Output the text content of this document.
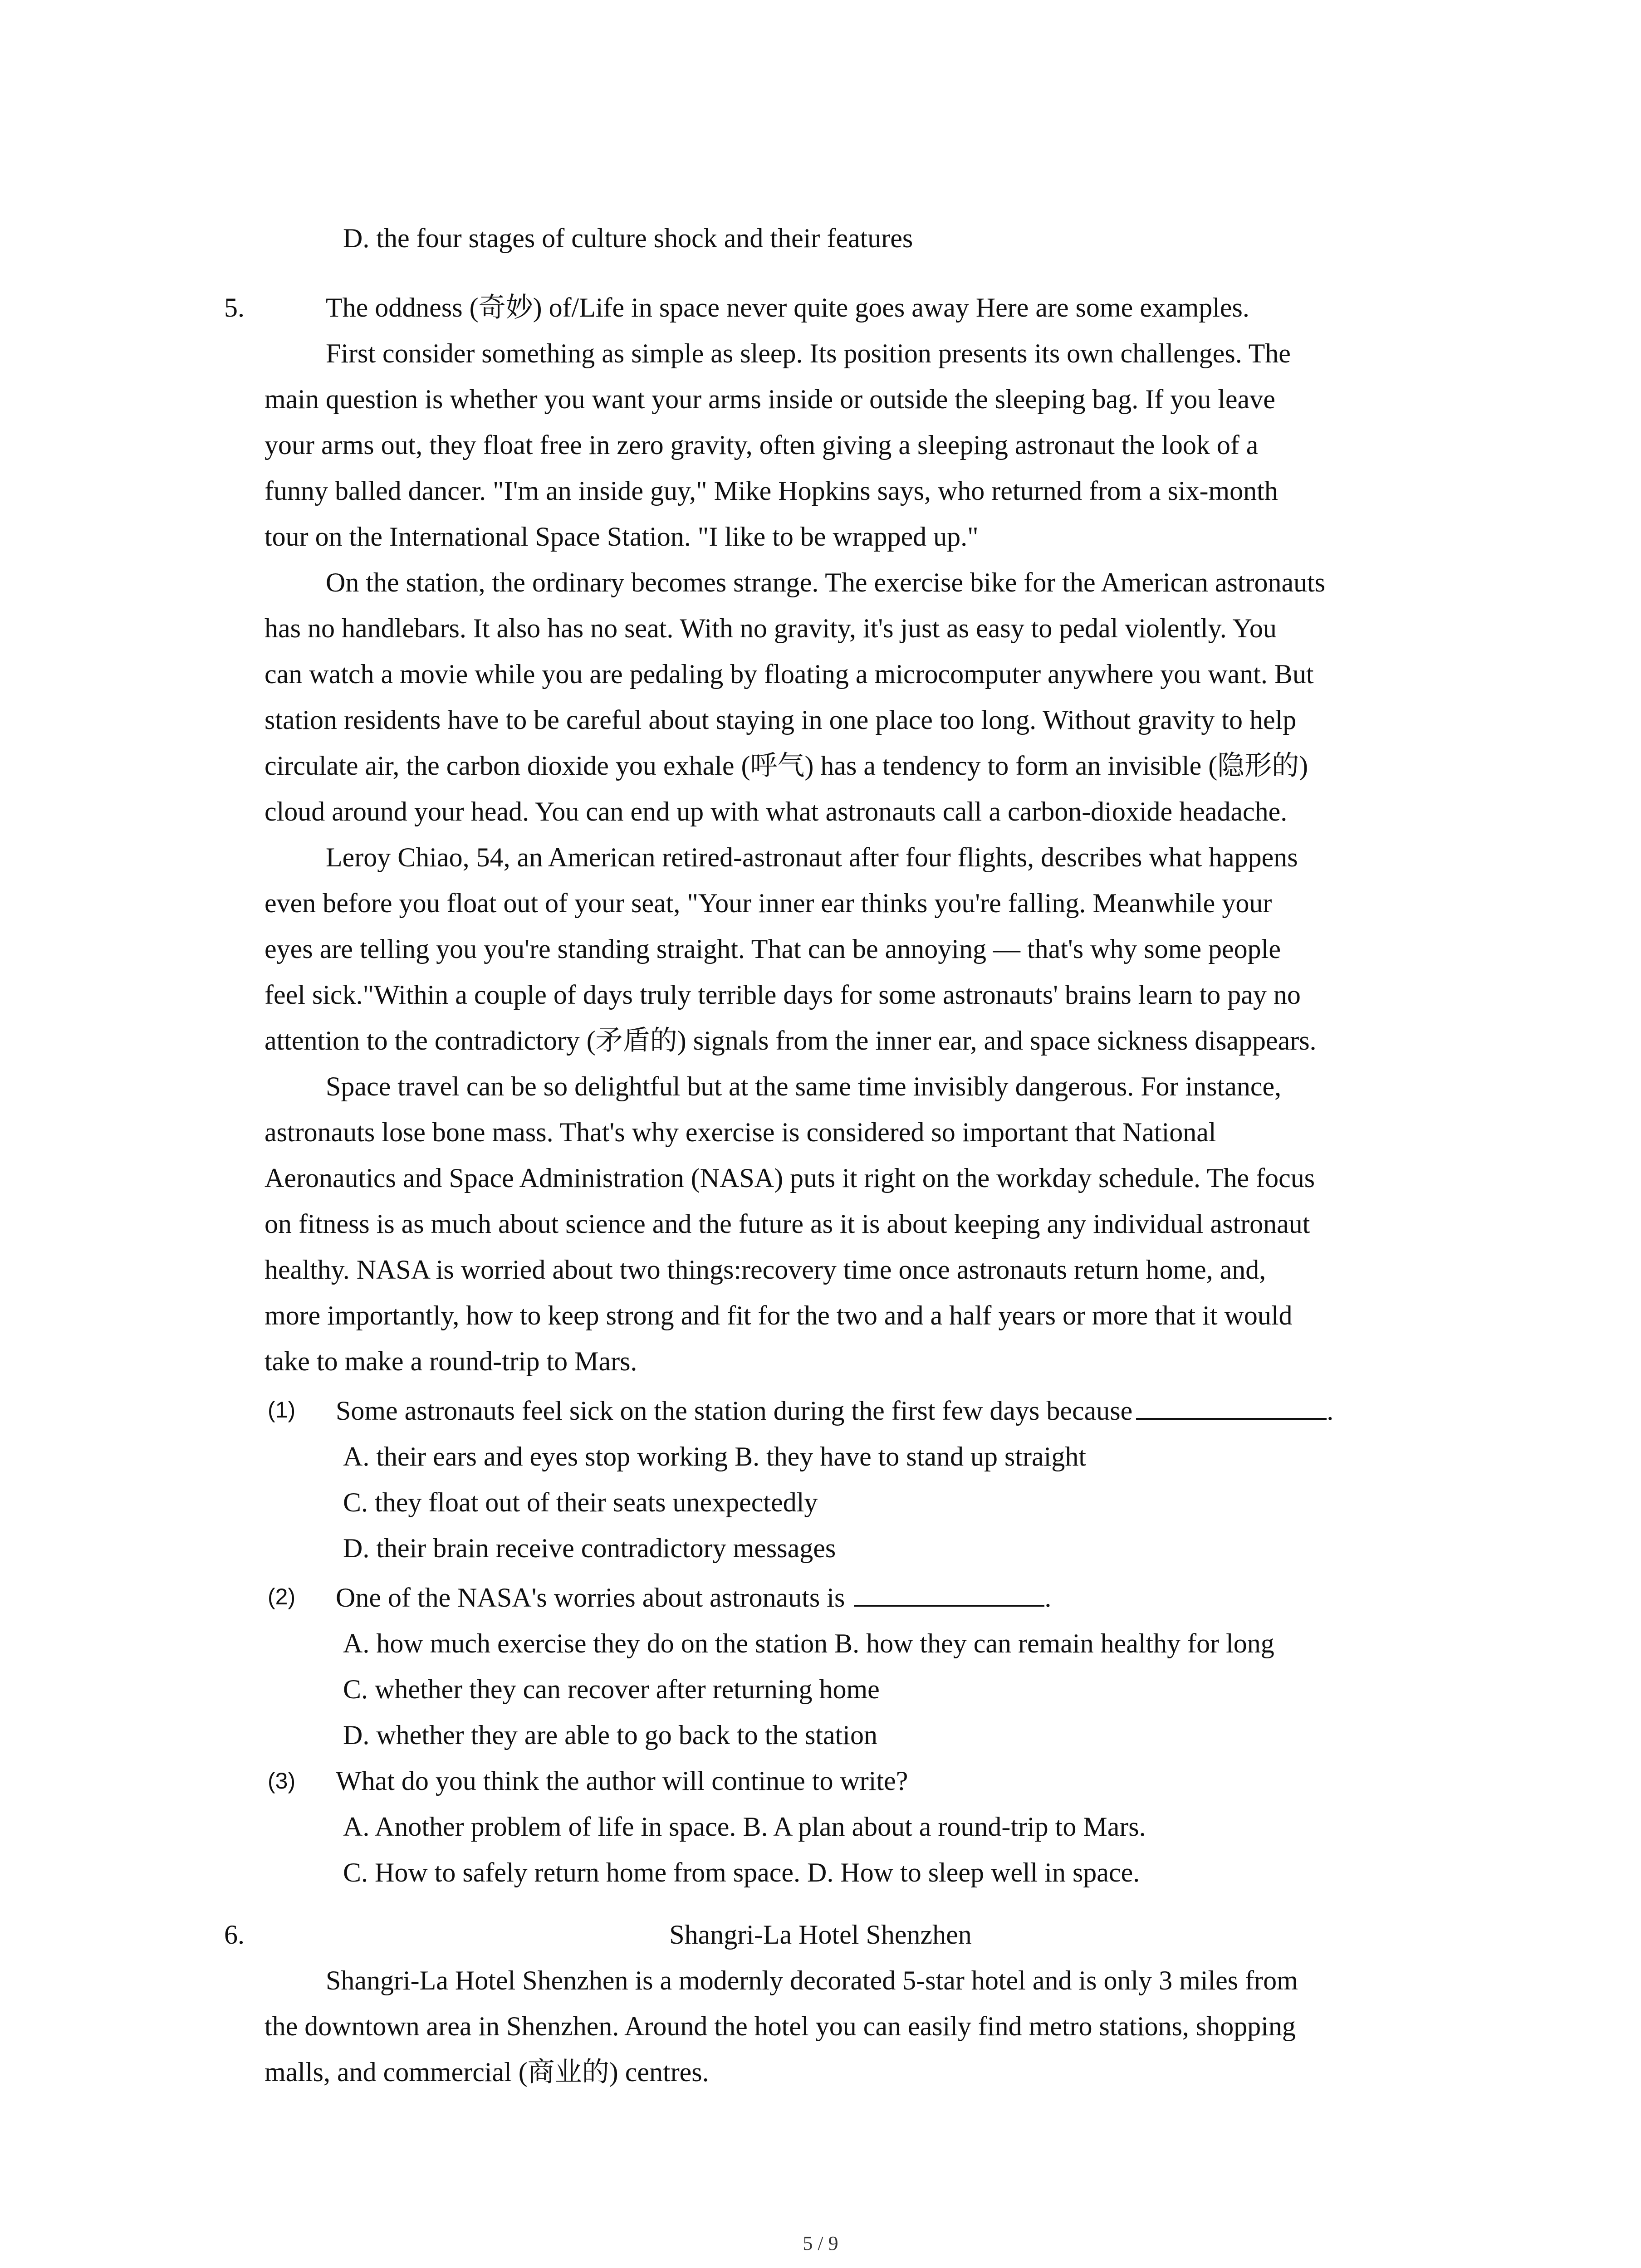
D. the four stages of culture shock and their features
5.	The oddness (奇妙) of/Life in space never quite goes away Here are some examples.
First consider something as simple as sleep. Its position presents its own challenges. The
main question is whether you want your arms inside or outside the sleeping bag. If you leave
your arms out, they float free in zero gravity, often giving a sleeping astronaut the look of a
funny balled dancer. "I'm an inside guy," Mike Hopkins says, who returned from a six-month
tour on the International Space Station. "I like to be wrapped up."
On the station, the ordinary becomes strange. The exercise bike for the American astronauts
has no handlebars. It also has no seat. With no gravity, it's just as easy to pedal violently. You
can watch a movie while you are pedaling by floating a microcomputer anywhere you want. But
station residents have to be careful about staying in one place too long. Without gravity to help
circulate air, the carbon dioxide you exhale (呼气) has a tendency to form an invisible (隐形的)
cloud around your head. You can end up with what astronauts call a carbon-dioxide headache.
Leroy Chiao, 54, an American retired-astronaut after four flights, describes what happens
even before you float out of your seat, "Your inner ear thinks you're falling. Meanwhile your
eyes are telling you you're standing straight. That can be annoying — that's why some people
feel sick."Within a couple of days truly terrible days for some astronauts' brains learn to pay no
attention to the contradictory (矛盾的) signals from the inner ear, and space sickness disappears.
Space travel can be so delightful but at the same time invisibly dangerous. For instance,
astronauts lose bone mass. That's why exercise is considered so important that National
Aeronautics and Space Administration (NASA) puts it right on the workday schedule. The focus
on fitness is as much about science and the future as it is about keeping any individual astronaut
healthy. NASA is worried about two things:recovery time once astronauts return home, and,
more importantly, how to keep strong and fit for the two and a half years or more that it would
take to make a round-trip to Mars.
(1) Some astronauts feel sick on the station during the first few days because	.
A. their ears and eyes stop working B. they have to stand up straight
C. they float out of their seats unexpectedly
D. their brain receive contradictory messages
(2) One of the NASA's worries about astronauts is	.
A. how much exercise they do on the station B. how they can remain healthy for long
C. whether they can recover after returning home
D. whether they are able to go back to the station
(3) What do you think the author will continue to write?
A. Another problem of life in space. B. A plan about a round-trip to Mars.
C. How to safely return home from space. D. How to sleep well in space.
6.	Shangri-La Hotel Shenzhen
Shangri-La Hotel Shenzhen is a modernly decorated 5-star hotel and is only 3 miles from
the downtown area in Shenzhen. Around the hotel you can easily find metro stations, shopping
malls, and commercial (商业的) centres.
5 / 9
